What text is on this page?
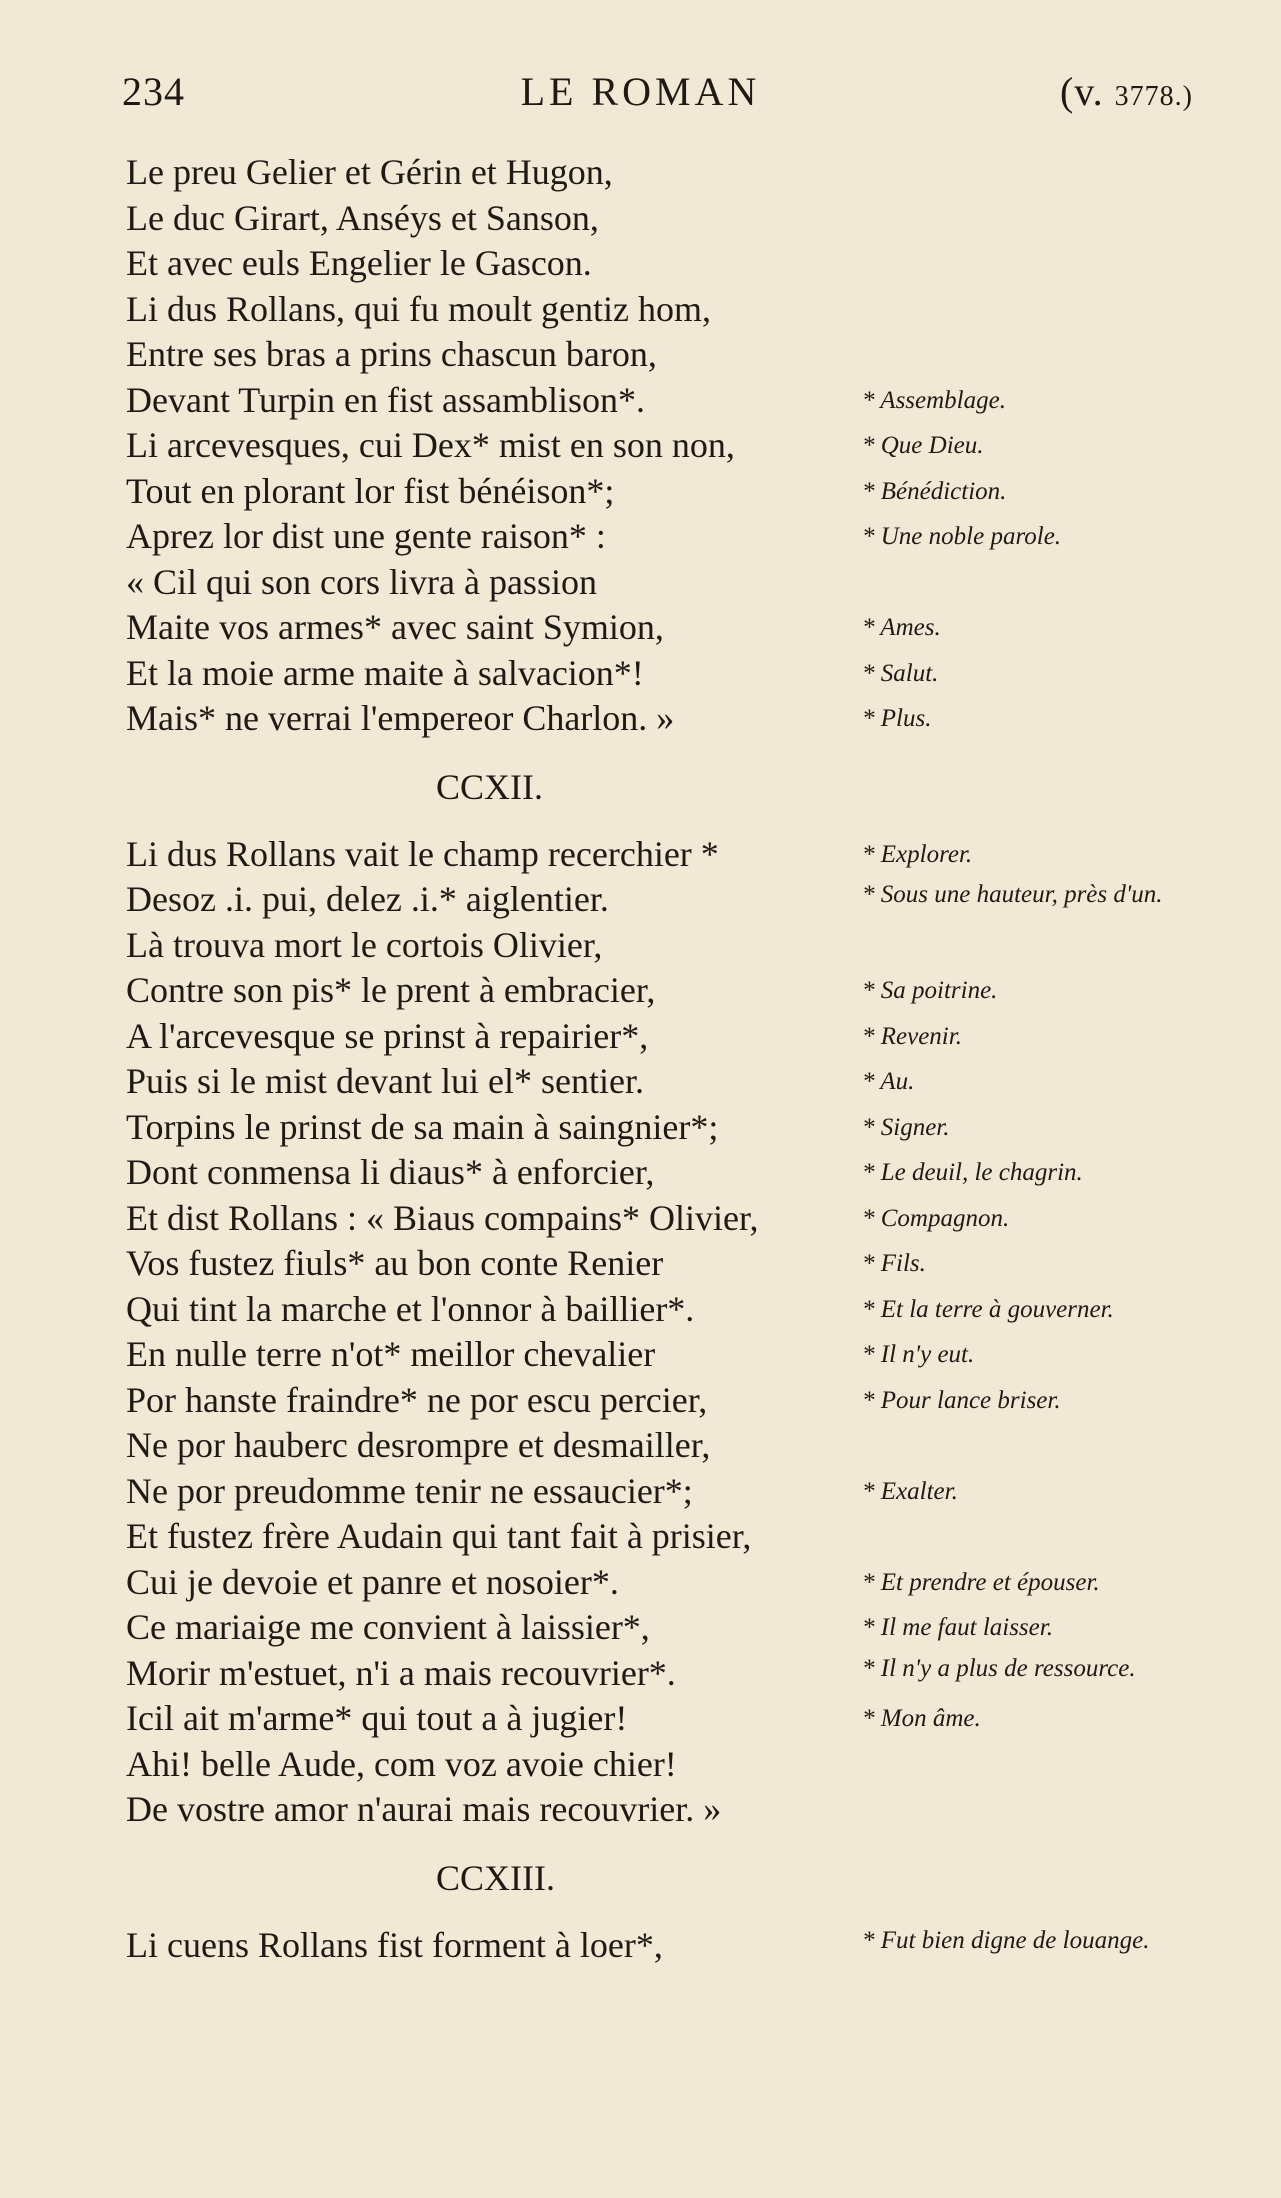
234	LE ROMAN	(v. 3778.)
Le preu Gelier et Gérin et Hugon,
Le duc Girart, Anséys et Sanson,
Et avec euls Engelier le Gascon.
Li dus Rollans, qui fu moult gentiz hom,
Entre ses bras a prins chascun baron,
Devant Turpin en fist assamblison*.
Li arcevesques, cui Dex* mist en son non,
Tout en plorant lor fist bénéison*;
Aprez lor dist une gente raison* :
« Cil qui son cors livra à passion
Maite vos armes* avec saint Symion,
Et la moie arme maite à salvacion*!
Mais* ne verrai l'empereor Charlon. »
CCXII.
Li dus Rollans vait le champ recerchier *
Desoz .i. pui, delez .i.* aiglentier.
Là trouva mort le cortois Olivier,
Contre son pis* le prent à embracier,
A l'arcevesque se prinst à repairier*,
Puis si le mist devant lui el* sentier.
Torpins le prinst de sa main à saingnier*;
Dont conmensa li diaus* à enforcier,
Et dist Rollans : « Biaus compains* Olivier,
Vos fustez fiuls* au bon conte Renier
Qui tint la marche et l'onnor à baillier*.
En nulle terre n'ot* meillor chevalier
Por hanste fraindre* ne por escu percier,
Ne por hauberc desrompre et desmailler,
Ne por preudomme tenir ne essaucier*;
Et fustez frère Audain qui tant fait à prisier,
Cui je devoie et panre et nosoier*.
Ce mariaige me convient à laissier*,
Morir m'estuet, n'i a mais recouvrier*.
Icil ait m'arme* qui tout a à jugier!
Ahi! belle Aude, com voz avoie chier!
De vostre amor n'aurai mais recouvrier. »
CCXIII.
Li cuens Rollans fist forment à loer*,
* Assemblage.
* Que Dieu.
* Bénédiction.
* Une noble parole.
* Ames.
* Salut.
* Plus.
* Explorer.
* Sous une hauteur, près d'un.
* Sa poitrine.
* Revenir.
* Au.
* Signer.
* Le deuil, le chagrin.
* Compagnon.
* Fils.
* Et la terre à gouverner.
* Il n'y eut.
* Pour lance briser.
* Exalter.
* Et prendre et épouser.
* Il me faut laisser.
* Il n'y a plus de ressource.
* Mon âme.
* Fut bien digne de louange.
